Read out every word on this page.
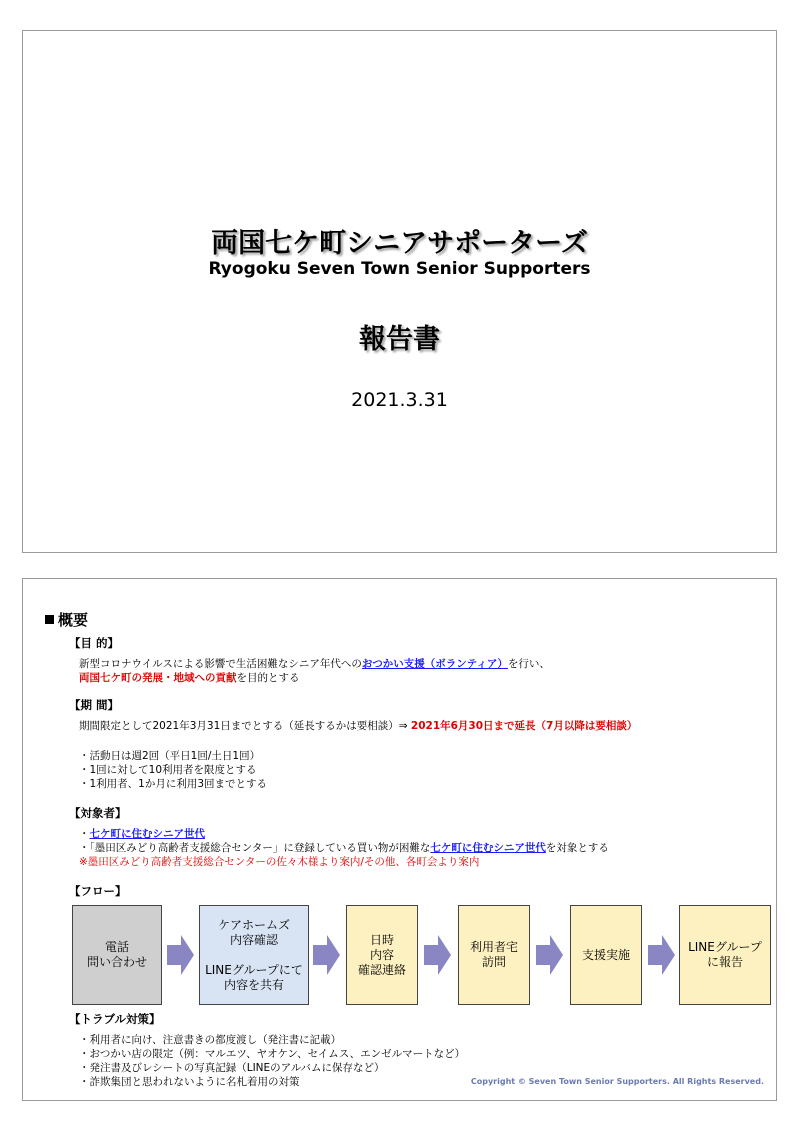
両国七ケ町シニアサポーターズ
Ryogoku Seven Town Senior Supporters
報告書
2021.3.31
概要
【目 的】
新型コロナウイルスによる影響で生活困難なシニア年代へのおつかい支援（ボランティア）を行い、
両国七ケ町の発展・地域への貢献を目的とする
【期 間】
期間限定として2021年3月31日までとする（延長するかは要相談）⇒ 2021年6月30日まで延長（7月以降は要相談）
・活動日は週2回（平日1回/土日1回）
・1回に対して10利用者を限度とする
・1利用者、1か月に利用3回までとする
【対象者】
・七ケ町に住むシニア世代
・「墨田区みどり高齢者支援総合センター」に登録している買い物が困難な七ケ町に住むシニア世代を対象とする
※墨田区みどり高齢者支援総合センターの佐々木様より案内/その他、各町会より案内
【フロー】
電話
問い合わせ
ケアホームズ
内容確認
LINEグループにて
内容を共有
日時
内容
確認連絡
利用者宅
訪問
支援実施
LINEグループ
に報告
【トラブル対策】
・利用者に向け、注意書きの都度渡し（発注書に記載）
・おつかい店の限定（例：マルエツ、ヤオケン、セイムス、エンゼルマートなど）
・発注書及びレシートの写真記録（LINEのアルバムに保存など）
・詐欺集団と思われないように名札着用の対策	Copyright © Seven Town Senior Supporters. All Rights Reserved.
